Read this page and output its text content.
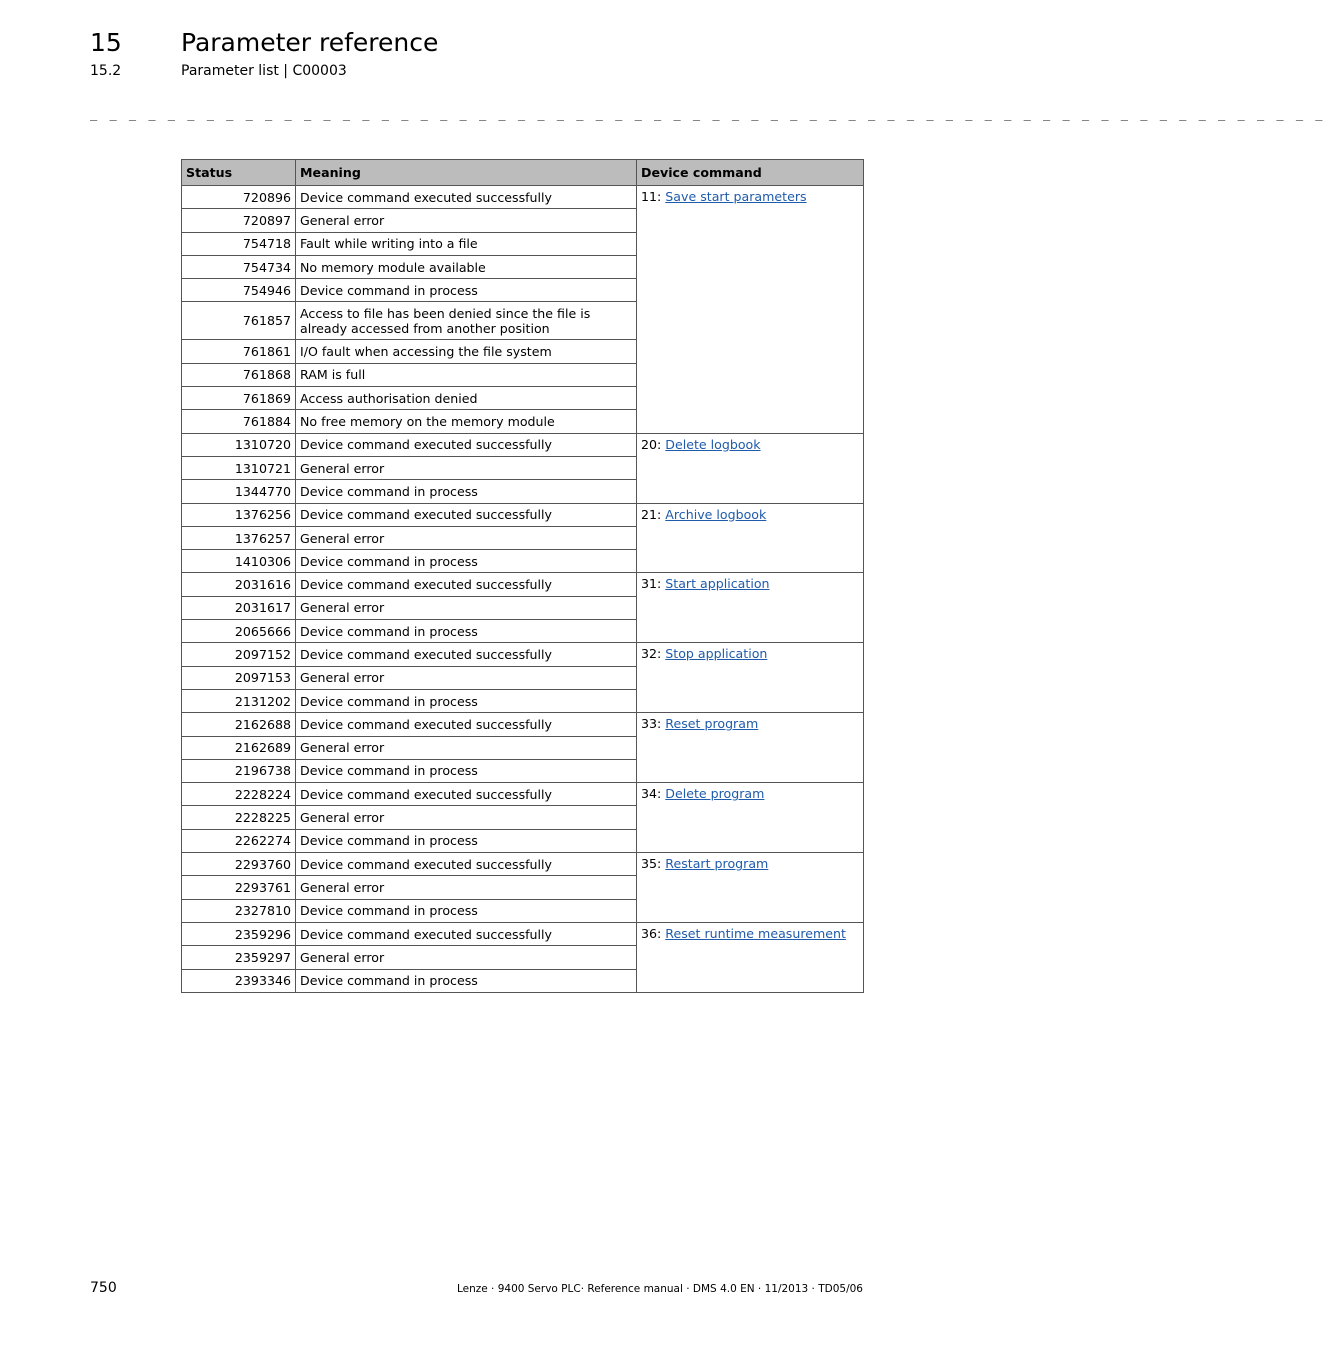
15 Parameter reference
15.2	Parameter list | C00003
_ _ _ _ _ _ _ _ _ _ _ _ _ _ _ _ _ _ _ _ _ _ _ _ _ _ _ _ _ _ _ _ _ _ _ _ _ _ _ _ _ _ _ _ _ _ _ _ _ _ _ _ _ _ _ _ _ _ _ _ _ _ _ _
Status	Meaning	Device command
720896	Device command executed successfully	11: Save start parameters
720897	General error	
754718	Fault while writing into a file	
754734	No memory module available	
754946	Device command in process	
761857	Access to file has been denied since the file is already accessed from another position	
761861	I/O fault when accessing the file system	
761868	RAM is full	
761869	Access authorisation denied	
761884	No free memory on the memory module	
1310720	Device command executed successfully	20: Delete logbook
1310721	General error	
1344770	Device command in process	
1376256	Device command executed successfully	21: Archive logbook
1376257	General error	
1410306	Device command in process	
2031616	Device command executed successfully	31: Start application
2031617	General error	
2065666	Device command in process	
2097152	Device command executed successfully	32: Stop application
2097153	General error	
2131202	Device command in process	
2162688	Device command executed successfully	33: Reset program
2162689	General error	
2196738	Device command in process	
2228224	Device command executed successfully	34: Delete program
2228225	General error	
2262274	Device command in process	
2293760	Device command executed successfully	35: Restart program
2293761	General error	
2327810	Device command in process	
2359296	Device command executed successfully	36: Reset runtime measurement
2359297	General error	
2393346	Device command in process	
750	Lenze · 9400 Servo PLC· Reference manual · DMS 4.0 EN · 11/2013 · TD05/06
